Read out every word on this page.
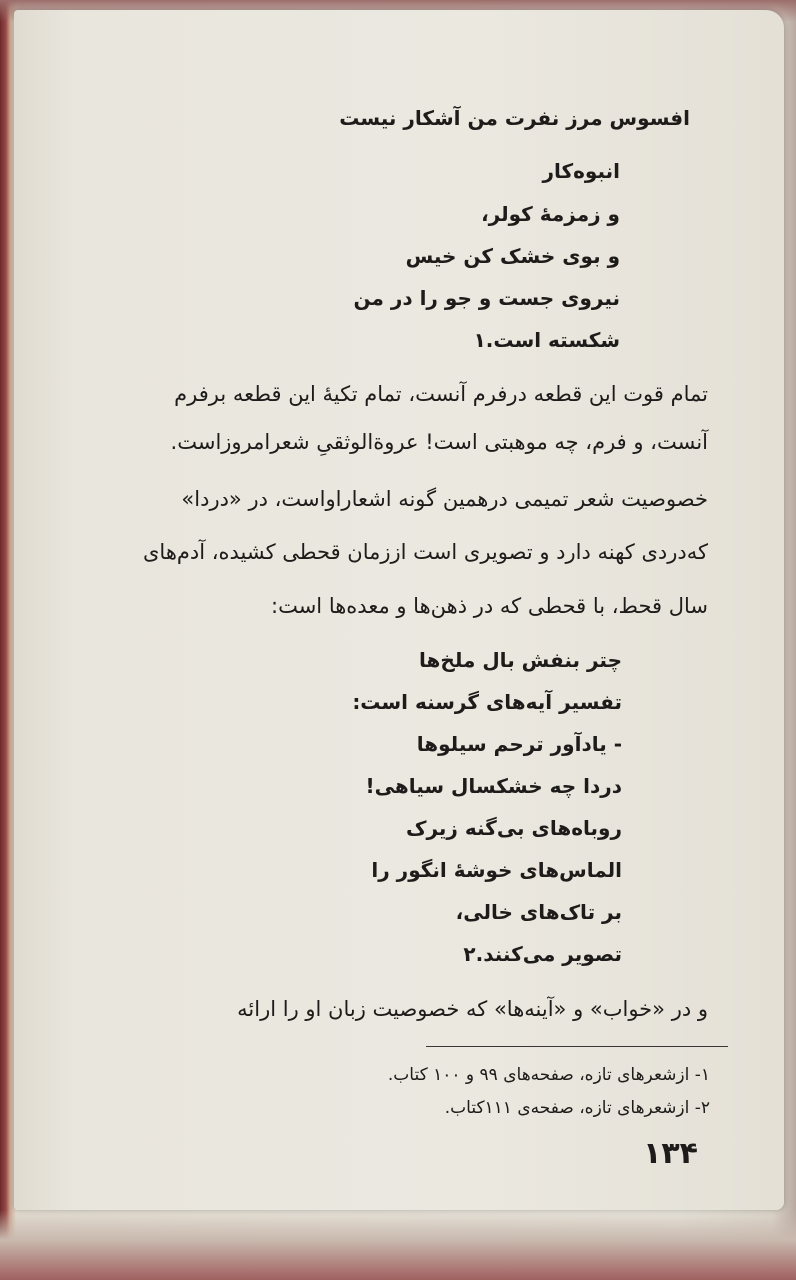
افسوس مرز نفرت من آشکار نیست
انبوه‌کار
و زمزمهٔ کولر،
و بوی خشک کن خیس
نیروی جست و جو را در من
شکسته است.۱
تمام قوت این قطعه درفرم آنست، تمام تکیهٔ این قطعه برفرم
آنست، و فرم، چه موهبتی است! عروةالوثقیِ شعرامروزاست.
خصوصیت شعر تمیمی درهمین گونه اشعاراواست، در «دردا»
که‌دردی کهنه دارد و تصویری است اززمان قحطی کشیده، آدم‌های
سال قحط، با قحطی که در ذهن‌ها و معده‌ها است:
چتر بنفش بال ملخ‌ها
تفسیر آیه‌های گرسنه است:
- یادآور ترحم سیلوها
دردا چه خشکسال سیاهی!
روباه‌های بی‌گنه زیرک
الماس‌های خوشهٔ انگور را
بر تاک‌های خالی،
تصویر می‌کنند.۲
و در «خواب» و «آینه‌ها» که خصوصیت زبان او را ارائه
۱- ازشعرهای تازه، صفحه‌های ۹۹ و ۱۰۰ کتاب.
۲- ازشعرهای تازه، صفحه‌ی ۱۱۱کتاب.
۱۳۴
